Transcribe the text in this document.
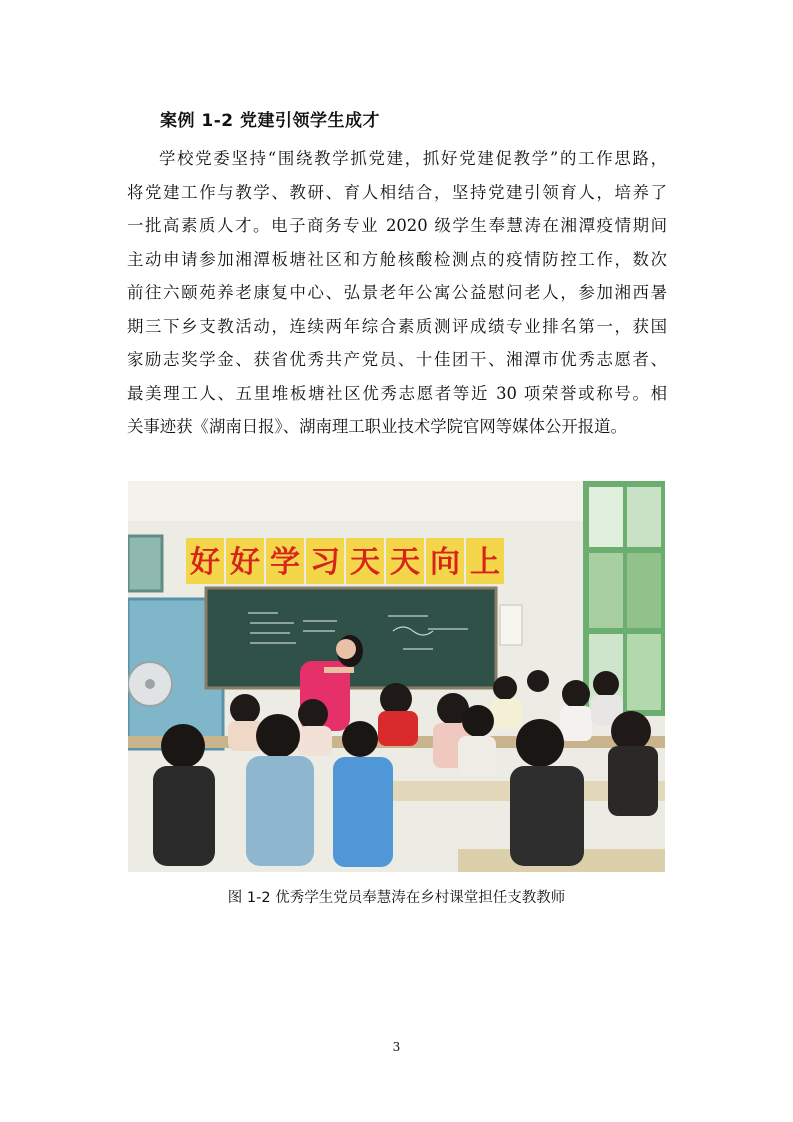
案例 1-2 党建引领学生成才
学校党委坚持“围绕教学抓党建，抓好党建促教学”的工作思路，
将党建工作与教学、教研、育人相结合，坚持党建引领育人，培养了
一批高素质人才。电子商务专业 2020 级学生奉慧涛在湘潭疫情期间
主动申请参加湘潭板塘社区和方舱核酸检测点的疫情防控工作，数次
前往六颐苑养老康复中心、弘景老年公寓公益慰问老人，参加湘西暑
期三下乡支教活动，连续两年综合素质测评成绩专业排名第一，获国
家励志奖学金、获省优秀共产党员、十佳团干、湘潭市优秀志愿者、
最美理工人、五里堆板塘社区优秀志愿者等近 30 项荣誉或称号。相
关事迹获《湖南日报》、湖南理工职业技术学院官网等媒体公开报道。
好 好 学 习 天 天 向 上
图 1-2 优秀学生党员奉慧涛在乡村课堂担任支教教师
3
